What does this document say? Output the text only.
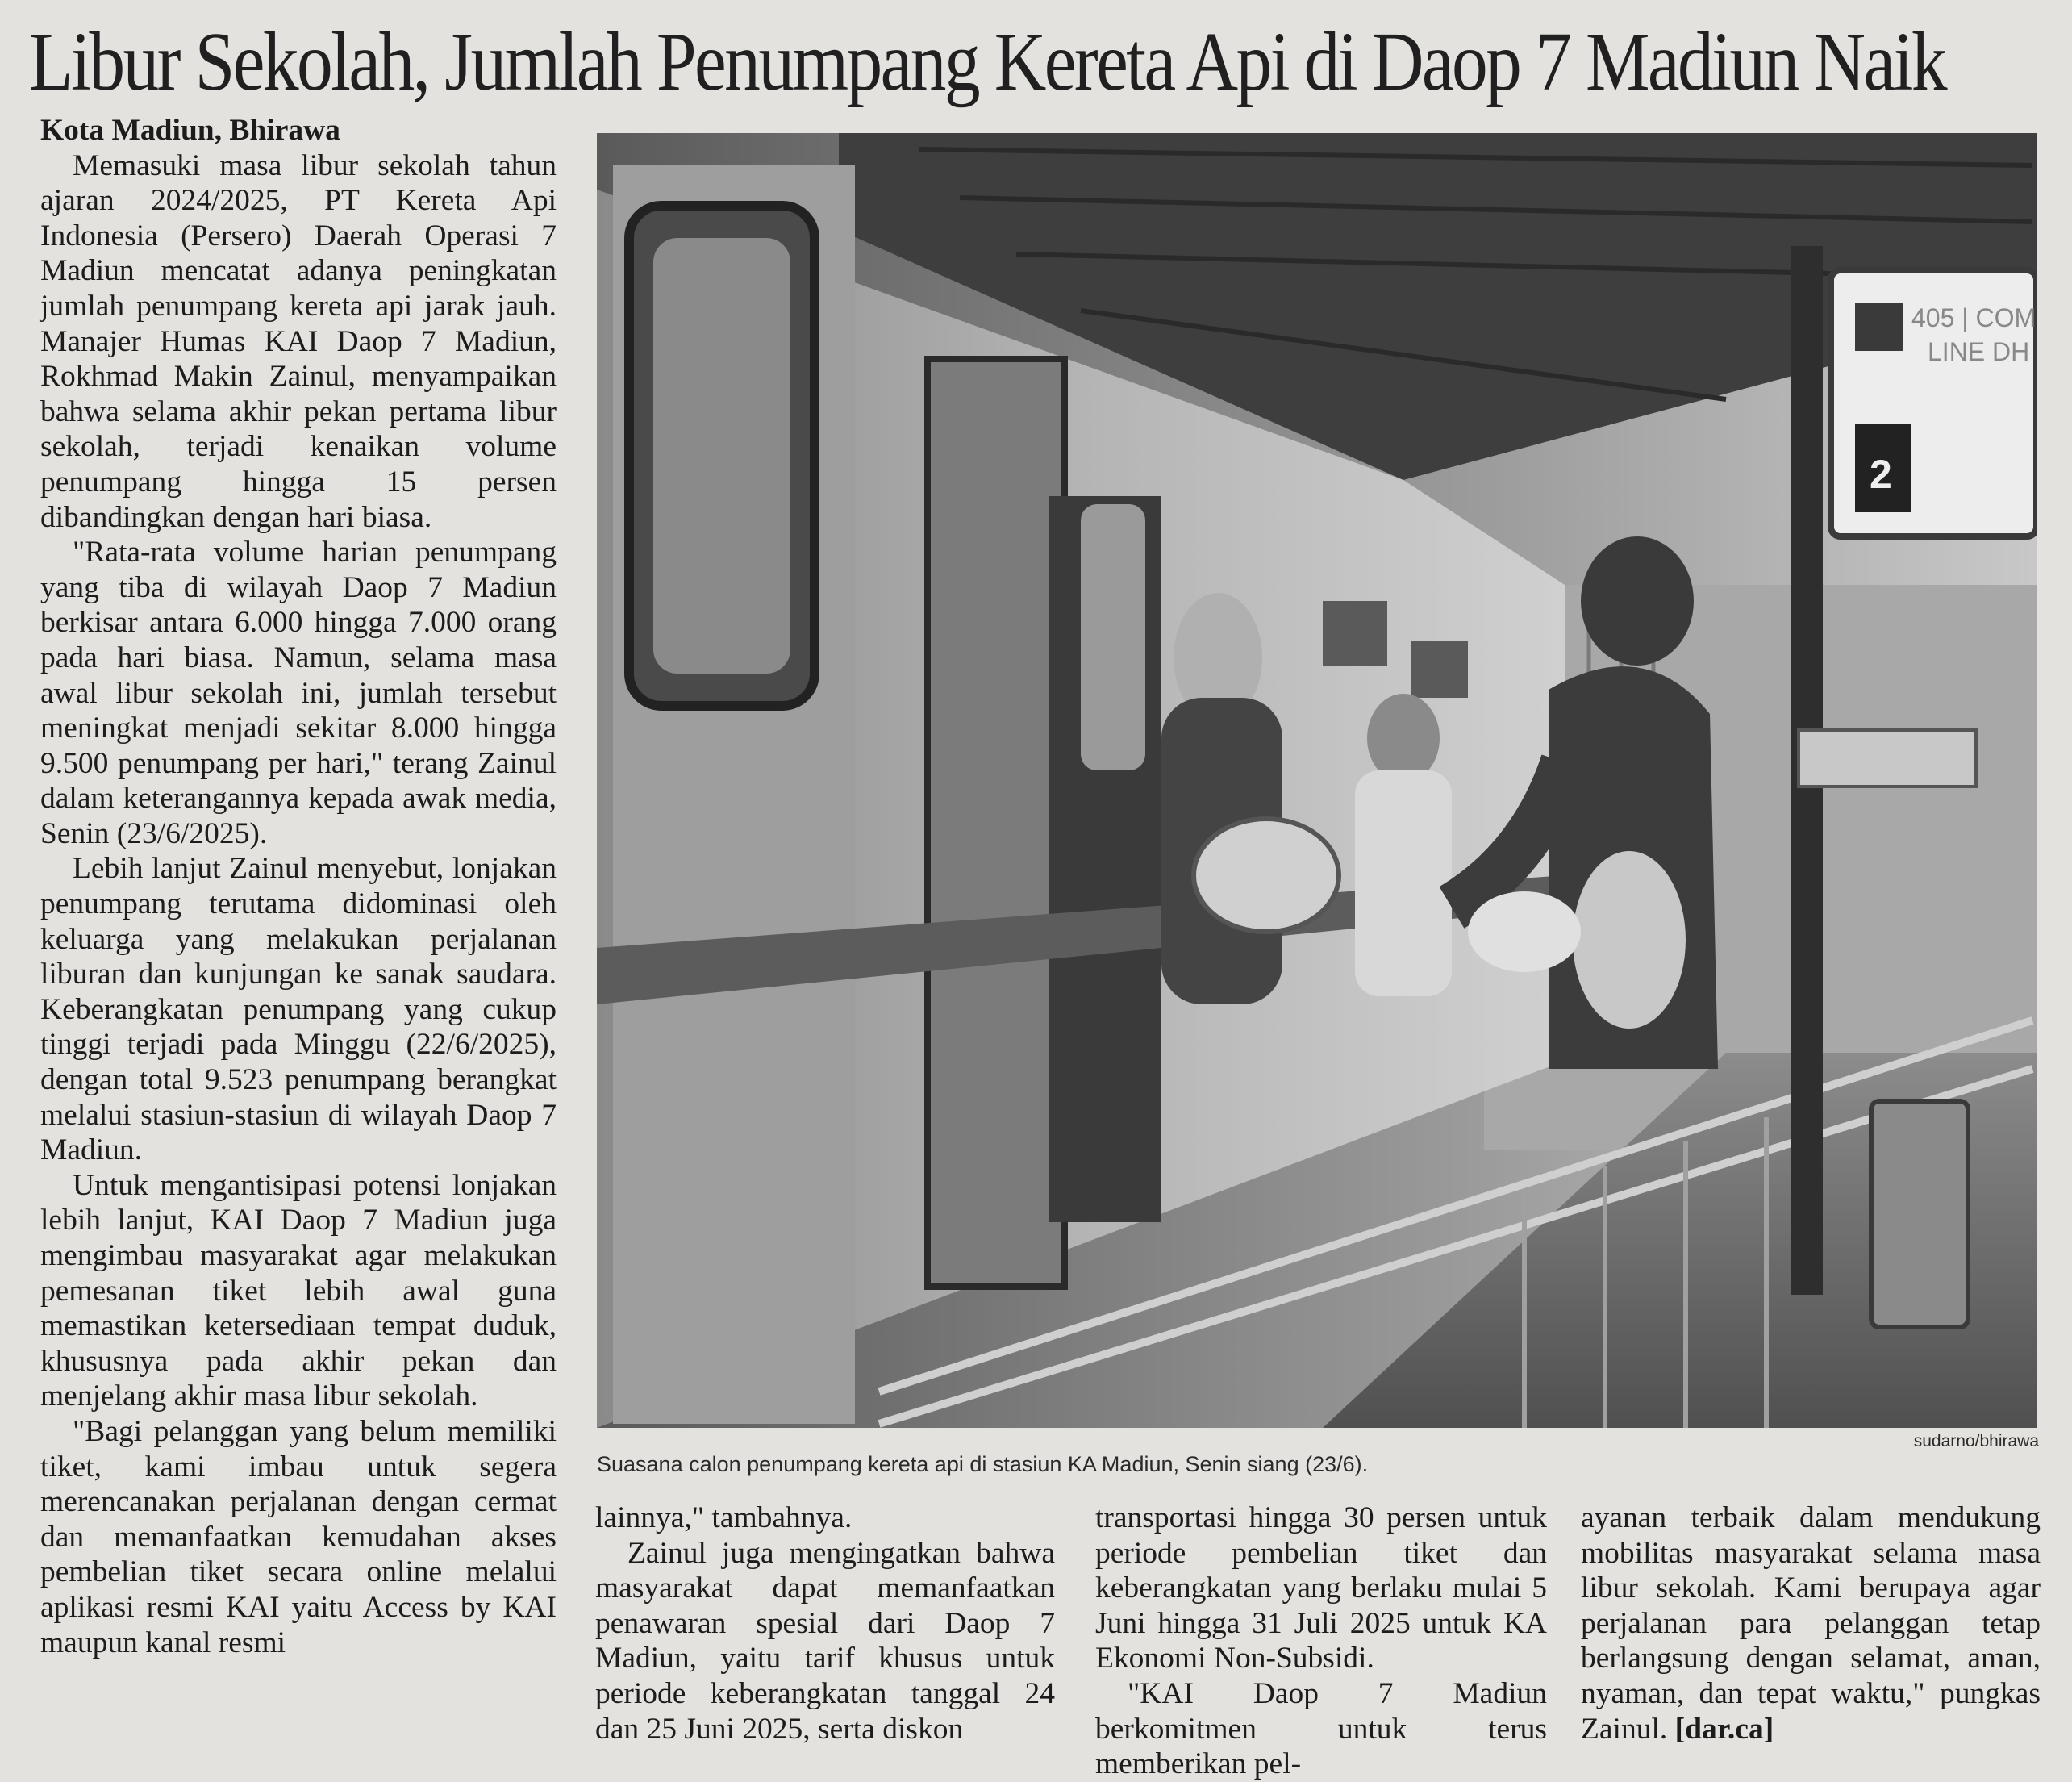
Libur Sekolah, Jumlah Penumpang Kereta Api di Daop 7 Madiun Naik
Kota Madiun, Bhirawa

Memasuki masa libur sekolah tahun ajaran 2024/2025, PT Kereta Api Indonesia (Persero) Daerah Operasi 7 Madiun mencatat adanya peningkatan jumlah penumpang kereta api jarak jauh. Manajer Humas KAI Daop 7 Madiun, Rokhmad Makin Zainul, menyampaikan bahwa selama akhir pekan pertama libur sekolah, terjadi kenaikan volume penumpang hingga 15 persen dibandingkan dengan hari biasa.

"Rata-rata volume harian penumpang yang tiba di wilayah Daop 7 Madiun berkisar antara 6.000 hingga 7.000 orang pada hari biasa. Namun, selama masa awal libur sekolah ini, jumlah tersebut meningkat menjadi sekitar 8.000 hingga 9.500 penumpang per hari," terang Zainul dalam keterangannya kepada awak media, Senin (23/6/2025).

Lebih lanjut Zainul menyebut, lonjakan penumpang terutama didominasi oleh keluarga yang melakukan perjalanan liburan dan kunjungan ke sanak saudara. Keberangkatan penumpang yang cukup tinggi terjadi pada Minggu (22/6/2025), dengan total 9.523 penumpang berangkat melalui stasiun-stasiun di wilayah Daop 7 Madiun.

Untuk mengantisipasi potensi lonjakan lebih lanjut, KAI Daop 7 Madiun juga mengimbau masyarakat agar melakukan pemesanan tiket lebih awal guna memastikan ketersediaan tempat duduk, khususnya pada akhir pekan dan menjelang akhir masa libur sekolah.

"Bagi pelanggan yang belum memiliki tiket, kami imbau untuk segera merencanakan perjalanan dengan cermat dan memanfaatkan kemudahan akses pembelian tiket secara online melalui aplikasi resmi KAI yaitu Access by KAI maupun kanal resmi

405 | COM
LINE DH
2
sudarno/bhirawa
Suasana calon penumpang kereta api di stasiun KA Madiun, Senin siang (23/6).

lainnya," tambahnya.

Zainul juga mengingatkan bahwa masyarakat dapat memanfaatkan penawaran spesial dari Daop 7 Madiun, yaitu tarif khusus untuk periode keberangkatan tanggal 24 dan 25 Juni 2025, serta diskon

transportasi hingga 30 persen untuk periode pembelian tiket dan keberangkatan yang berlaku mulai 5 Juni hingga 31 Juli 2025 untuk KA Ekonomi Non-Subsidi.

"KAI Daop 7 Madiun berkomitmen untuk terus memberikan pel-

ayanan terbaik dalam mendukung mobilitas masyarakat selama masa libur sekolah. Kami berupaya agar perjalanan para pelanggan tetap berlangsung dengan selamat, aman, nyaman, dan tepat waktu," pungkas Zainul. [dar.ca]
